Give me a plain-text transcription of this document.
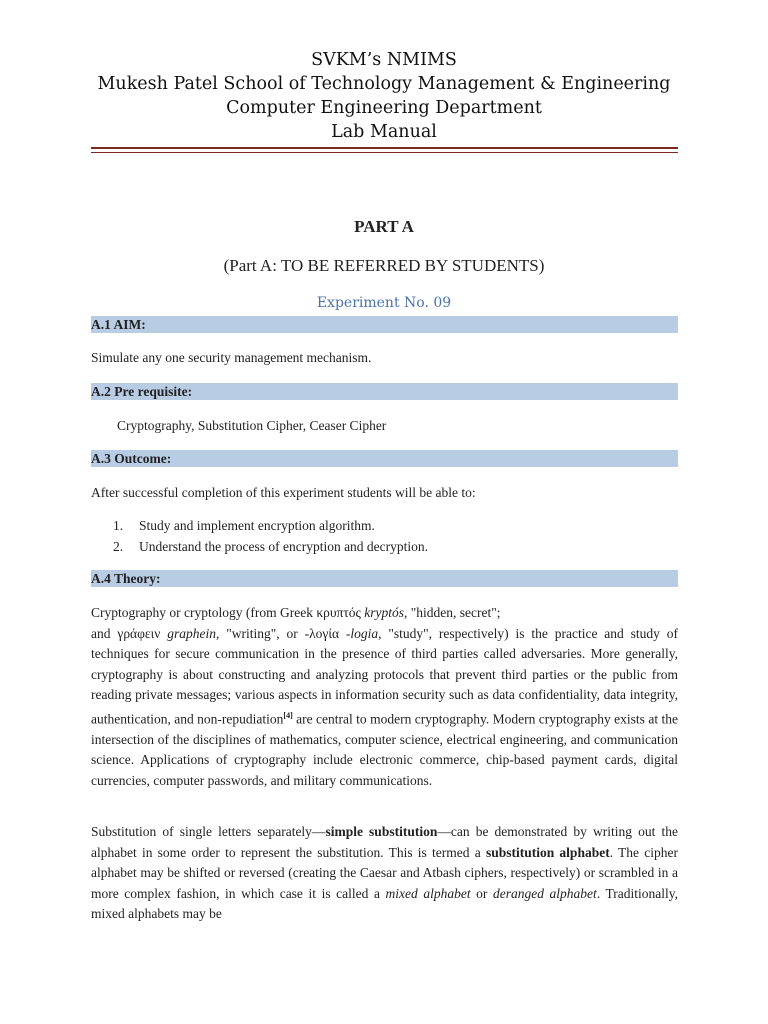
SVKM’s NMIMS
Mukesh Patel School of Technology Management & Engineering
Computer Engineering Department
Lab Manual
PART A
(Part A: TO BE REFERRED BY STUDENTS)
Experiment No. 09
A.1 AIM:
Simulate any one security management mechanism.
A.2 Pre requisite:
Cryptography, Substitution Cipher, Ceaser Cipher
A.3 Outcome:
After successful completion of this experiment students will be able to:
1.	Study and implement encryption algorithm.
2.	Understand the process of encryption and decryption.
A.4 Theory:
Cryptography or cryptology (from Greek κρυπτός kryptós, "hidden, secret";
and γράφειν graphein, "writing", or -λογία -logia, "study", respectively) is the practice and study of techniques for secure communication in the presence of third parties called adversaries. More generally, cryptography is about constructing and analyzing protocols that prevent third parties or the public from reading private messages; various aspects in information security such as data confidentiality, data integrity, authentication, and non-repudiation[4] are central to modern cryptography. Modern cryptography exists at the intersection of the disciplines of mathematics, computer science, electrical engineering, and communication science. Applications of cryptography include electronic commerce, chip-based payment cards, digital currencies, computer passwords, and military communications.
Substitution of single letters separately—simple substitution—can be demonstrated by writing out the alphabet in some order to represent the substitution. This is termed a substitution alphabet. The cipher alphabet may be shifted or reversed (creating the Caesar and Atbash ciphers, respectively) or scrambled in a more complex fashion, in which case it is called a mixed alphabet or deranged alphabet. Traditionally, mixed alphabets may be
